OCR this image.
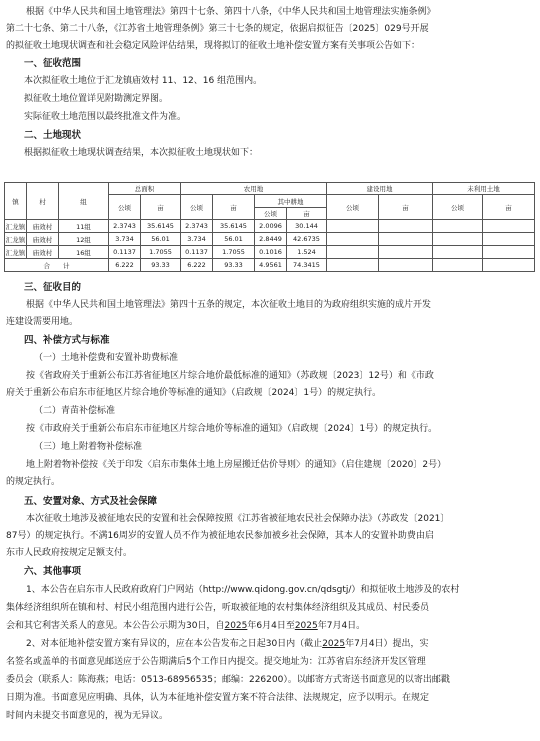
根据《中华人民共和国土地管理法》第四十七条、第四十八条，《中华人民共和国土地管理法实施条例》
第二十七条、第二十八条，《江苏省土地管理条例》第三十七条的规定，依据启拟征告〔2025〕029号开展
的拟征收土地现状调查和社会稳定风险评估结果，现将拟订的征收土地补偿安置方案有关事项公告如下：
一、征收范围
本次拟征收土地位于汇龙镇庙效村 11、12、16 组范围内。
拟征收土地位置详见附勘测定界图。
实际征收土地范围以最终批准文件为准。
二、土地现状
根据拟征收土地现状调查结果，本次拟征收土地现状如下：
镇	村	组	总面积		农用地				建设用地		未利用土地	
			公顷	亩	公顷	亩	其中耕地		公顷	亩	公顷	亩
							公顷	亩				
汇龙镇	庙效村	11组	2.3743	35.6145	2.3743	35.6145	2.0096	30.144				
汇龙镇	庙效村	12组	3.734	56.01	3.734	56.01	2.8449	42.6735				
汇龙镇	庙效村	16组	0.1137	1.7055	0.1137	1.7055	0.1016	1.524				
合　　计			6.222	93.33	6.222	93.33	4.9561	74.3415				
三、征收目的
根据《中华人民共和国土地管理法》第四十五条的规定，本次征收土地目的为政府组织实施的成片开发
连建设需要用地。
四、补偿方式与标准
（一）土地补偿费和安置补助费标准
按《省政府关于重新公布江苏省征地区片综合地价最低标准的通知》（苏政规〔2023〕12号）和《市政
府关于重新公布启东市征地区片综合地价等标准的通知》（启政规〔2024〕1号）的规定执行。
（二）青苗补偿标准
按《市政府关于重新公布启东市征地区片综合地价等标准的通知》（启政规〔2024〕1号）的规定执行。
（三）地上附着物补偿标准
地上附着物补偿按《关于印发〈启东市集体土地上房屋搬迁估价导则〉的通知》（启住建规〔2020〕2号）
的规定执行。
五、安置对象、方式及社会保障
本次征收土地涉及被征地农民的安置和社会保障按照《江苏省被征地农民社会保障办法》（苏政发〔2021〕
87号）的规定执行。不满16周岁的安置人员不作为被征地农民参加被乡社会保障，其本人的安置补助费由启
东市人民政府按规定足额支付。
六、其他事项
1、本公告在启东市人民政府政府门户网站（http://www.qidong.gov.cn/qdsgtj/）和拟征收土地涉及的农村
集体经济组织所在镇和村、村民小组范围内进行公告，听取被征地的农村集体经济组织及其成员、村民委员
会和其它利害关系人的意见。本公告公示期为30日，自2025年6月4日至2025年7月4日。
2、对本征地补偿安置方案有异议的，应在本公告发布之日起30日内（截止2025年7月4日）提出，实
名签名或盖单的书面意见邮送应于公告期满后5个工作日内提交。提交地址为：江苏省启东经济开发区管理
委员会（联系人：陈海燕；电话：0513-68956535；邮编：226200）。以邮寄方式寄送书面意见的以寄出邮戳
日期为准。书面意见应明确、具体，认为本征地补偿安置方案不符合法律、法规规定，应予以明示。在规定
时间内未提交书面意见的，视为无异议。
